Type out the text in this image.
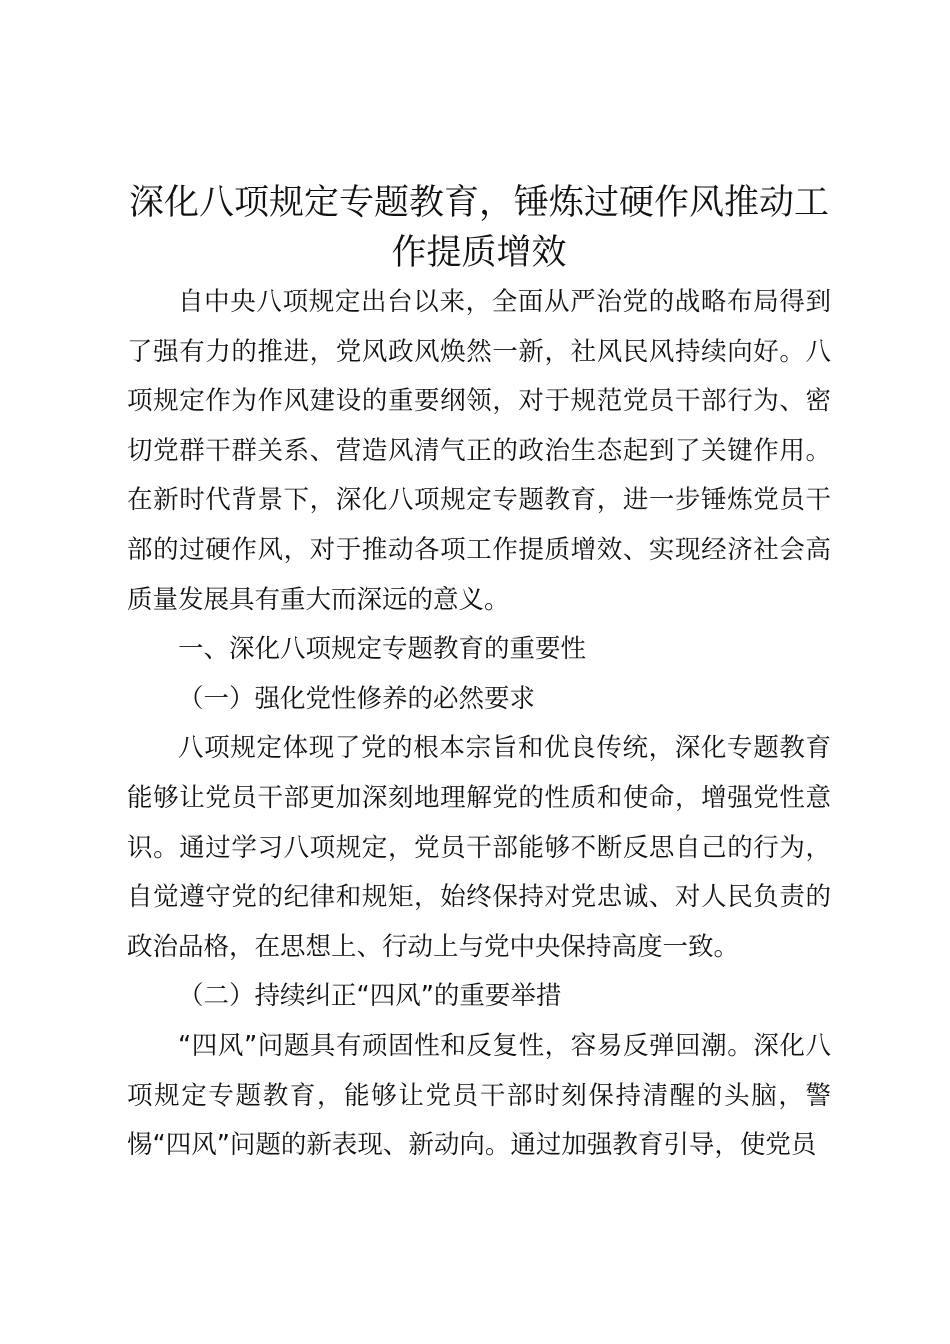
深化八项规定专题教育，锤炼过硬作风推动工作提质增效

自中央八项规定出台以来，全面从严治党的战略布局得到了强有力的推进，党风政风焕然一新，社风民风持续向好。八项规定作为作风建设的重要纲领，对于规范党员干部行为、密切党群干群关系、营造风清气正的政治生态起到了关键作用。在新时代背景下，深化八项规定专题教育，进一步锤炼党员干部的过硬作风，对于推动各项工作提质增效、实现经济社会高质量发展具有重大而深远的意义。

一、深化八项规定专题教育的重要性

（一）强化党性修养的必然要求

八项规定体现了党的根本宗旨和优良传统，深化专题教育能够让党员干部更加深刻地理解党的性质和使命，增强党性意识。通过学习八项规定，党员干部能够不断反思自己的行为，自觉遵守党的纪律和规矩，始终保持对党忠诚、对人民负责的政治品格，在思想上、行动上与党中央保持高度一致。

（二）持续纠正“四风”的重要举措

“四风”问题具有顽固性和反复性，容易反弹回潮。深化八项规定专题教育，能够让党员干部时刻保持清醒的头脑，警惕“四风”问题的新表现、新动向。通过加强教育引导，使党员
